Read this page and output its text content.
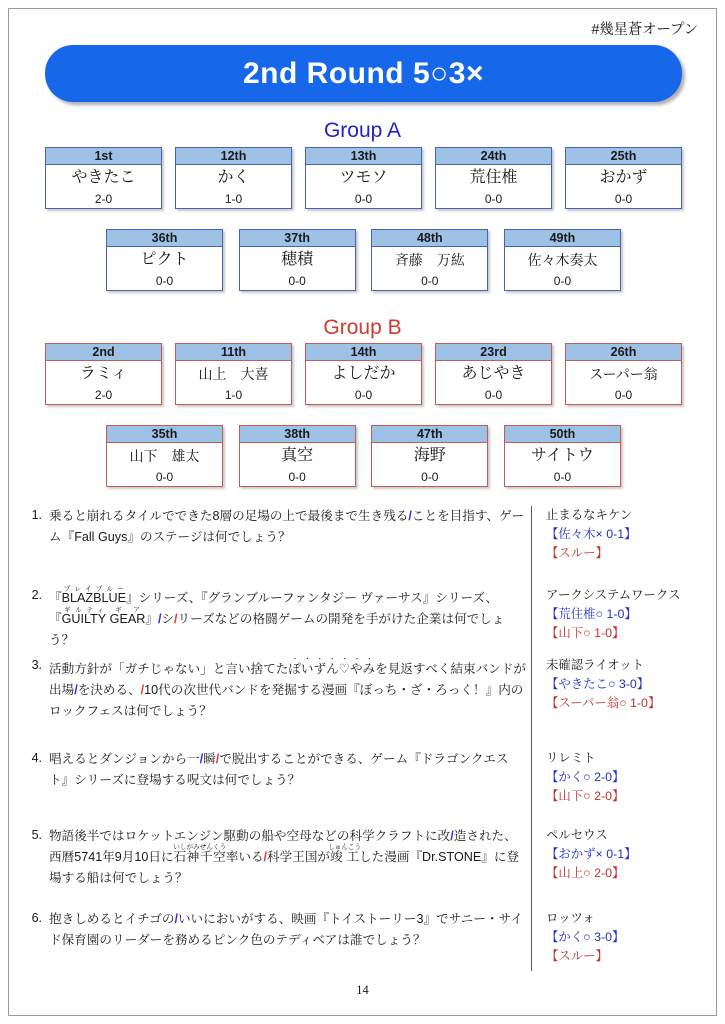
#幾星蒼オープン
2nd Round 5○3×
Group A
1st
やきたこ
2-0
12th
かく
1-0
13th
ツモソ
0-0
24th
荒住椎
0-0
25th
おかず
0-0
36th
ピクト
0-0
37th
穂積
0-0
48th
斉藤　万紘
0-0
49th
佐々木奏太
0-0
Group B
2nd
ラミィ
2-0
11th
山上　大喜
1-0
14th
よしだか
0-0
23rd
あじやき
0-0
26th
スーパー翁
0-0
35th
山下　雄太
0-0
38th
真空
0-0
47th
海野
0-0
50th
サイトウ
0-0
1. 乗ると崩れるタイルでできた8層の足場の上で最後まで生き残る/ことを目指す、ゲーム『Fall Guys』のステージは何でしょう？
止まるなキケン
【佐々木× 0-1】
【スルー】
2. 『BLAZBLUEブレイブルー』シリーズ、『グランブルーファンタジー ヴァーサス』シリーズ、『GUILTYギルティ GEARギア』/シ/リーズなどの格闘ゲームの開発を手がけた企業は何でしょう？
アークシステムワークス
【荒住椎○ 1-0】
【山下○ 1-0】
3. 活動方針が「ガチじゃない」と言い捨てたぽいずん♡やみ・・・・・・・を見返すべく結束バンドが出場/を決める、/10代の次世代バンドを発掘する漫画『ぼっち・ざ・ろっく！』内のロックフェスは何でしょう？
未確認ライオット
【やきたこ○ 3-0】
【スーパー翁○ 1-0】
4. 唱えるとダンジョンから一/瞬/で脱出することができる、ゲーム『ドラゴンクエスト』シリーズに登場する呪文は何でしょう？
リレミト
【かく○ 2-0】
【山下○ 2-0】
5. 物語後半ではロケットエンジン駆動の船や空母などの科学クラフトに改/造された、西暦5741年9月10日に石神千空いしがみせんくう率いる/科学王国が竣工しゅんこうした漫画『Dr.STONE』に登場する船は何でしょう？
ペルセウス
【おかず× 0-1】
【山上○ 2-0】
6. 抱きしめるとイチゴの/いいにおいがする、映画『トイストーリー3』でサニー・サイド保育園のリーダーを務めるピンク色のテディベアは誰でしょう？
ロッツォ
【かく○ 3-0】
【スルー】
14
